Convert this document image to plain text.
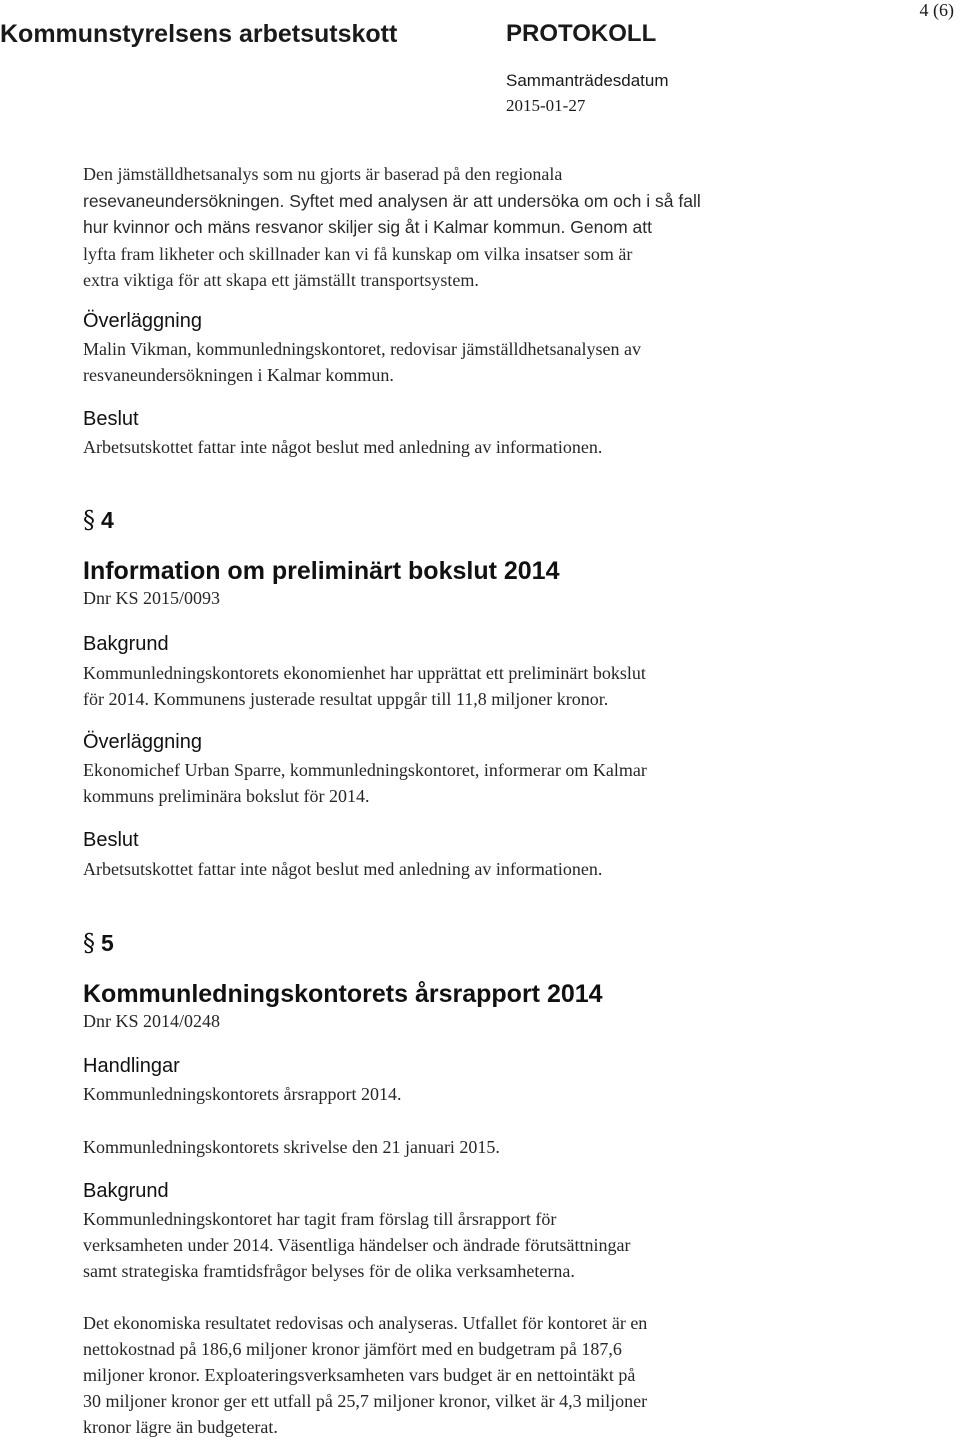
Kommunstyrelsens arbetsutskott	PROTOKOLL
4 (6)
Sammanträdesdatum
2015-01-27
Den jämställdhetsanalys som nu gjorts är baserad på den regionala
resevaneundersökningen. Syftet med analysen är att undersöka om och i så fall
hur kvinnor och mäns resvanor skiljer sig åt i Kalmar kommun. Genom att
lyfta fram likheter och skillnader kan vi få kunskap om vilka insatser som är
extra viktiga för att skapa ett jämställt transportsystem.
Överläggning
Malin Vikman, kommunledningskontoret, redovisar jämställdhetsanalysen av
resvaneundersökningen i Kalmar kommun.
Beslut
Arbetsutskottet fattar inte något beslut med anledning av informationen.
§ 4
Information om preliminärt bokslut 2014
Dnr KS 2015/0093
Bakgrund
Kommunledningskontorets ekonomienhet har upprättat ett preliminärt bokslut
för 2014. Kommunens justerade resultat uppgår till 11,8 miljoner kronor.
Överläggning
Ekonomichef Urban Sparre, kommunledningskontoret, informerar om Kalmar
kommuns preliminära bokslut för 2014.
Beslut
Arbetsutskottet fattar inte något beslut med anledning av informationen.
§ 5
Kommunledningskontorets årsrapport 2014
Dnr KS 2014/0248
Handlingar
Kommunledningskontorets årsrapport 2014.
Kommunledningskontorets skrivelse den 21 januari 2015.
Bakgrund
Kommunledningskontoret har tagit fram förslag till årsrapport för
verksamheten under 2014. Väsentliga händelser och ändrade förutsättningar
samt strategiska framtidsfrågor belyses för de olika verksamheterna.
Det ekonomiska resultatet redovisas och analyseras. Utfallet för kontoret är en
nettokostnad på 186,6 miljoner kronor jämfört med en budgetram på 187,6
miljoner kronor. Exploateringsverksamheten vars budget är en nettointäkt på
30 miljoner kronor ger ett utfall på 25,7 miljoner kronor, vilket är 4,3 miljoner
kronor lägre än budgeterat.
